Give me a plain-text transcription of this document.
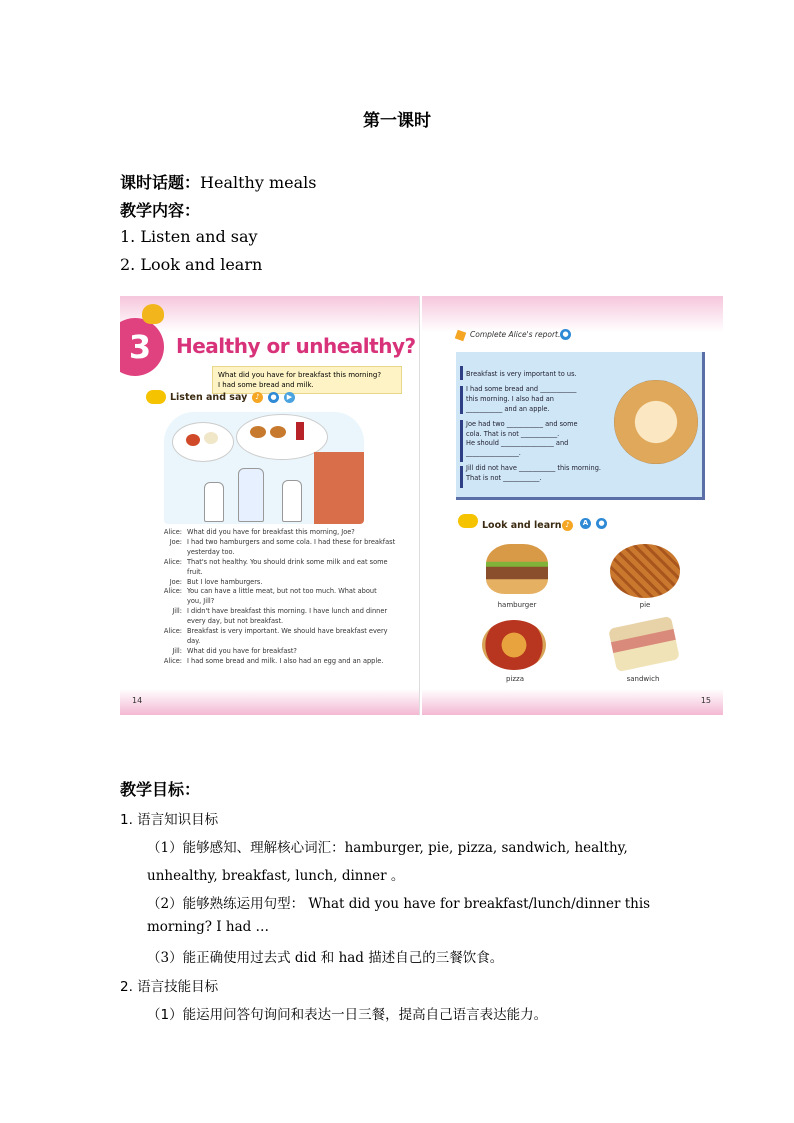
第一课时
课时话题：Healthy meals
教学内容：
1. Listen and say
2. Look and learn
3	Healthy or unhealthy?
What did you have for breakfast this morning?
I had some bread and milk.
Listen and say	♪	●	▶
Alice: What did you have for breakfast this morning, Joe?
Joe: I had two hamburgers and some cola. I had these for breakfast
yesterday too.
Alice: That's not healthy. You should drink some milk and eat some
fruit.
Joe: But I love hamburgers.
Alice: You can have a little meat, but not too much. What about
you, Jill?
Jill: I didn't have breakfast this morning. I have lunch and dinner
every day, but not breakfast.
Alice: Breakfast is very important. We should have breakfast every
day.
Jill: What did you have for breakfast?
Alice: I had some bread and milk. I also had an egg and an apple.
14
Complete Alice's report. ●
Breakfast is very important to us.
I had some bread and ___________
this morning. I also had an
___________ and an apple.
Joe had two ___________ and some
cola. That is not ___________.
He should ________________ and
________________.
Jill did not have ___________ this morning.
That is not ___________.
Look and learn ♪	A	●
hamburger	pie
pizza	sandwich
15
教学目标：
1. 语言知识目标
（1）能够感知、理解核心词汇：hamburger, pie, pizza, sandwich, healthy,
unhealthy, breakfast, lunch, dinner 。
（2）能够熟练运用句型： What did you have for breakfast/lunch/dinner this
morning? I had …
（3）能正确使用过去式 did 和 had 描述自己的三餐饮食。
2. 语言技能目标
（1）能运用问答句询问和表达一日三餐，提高自己语言表达能力。
